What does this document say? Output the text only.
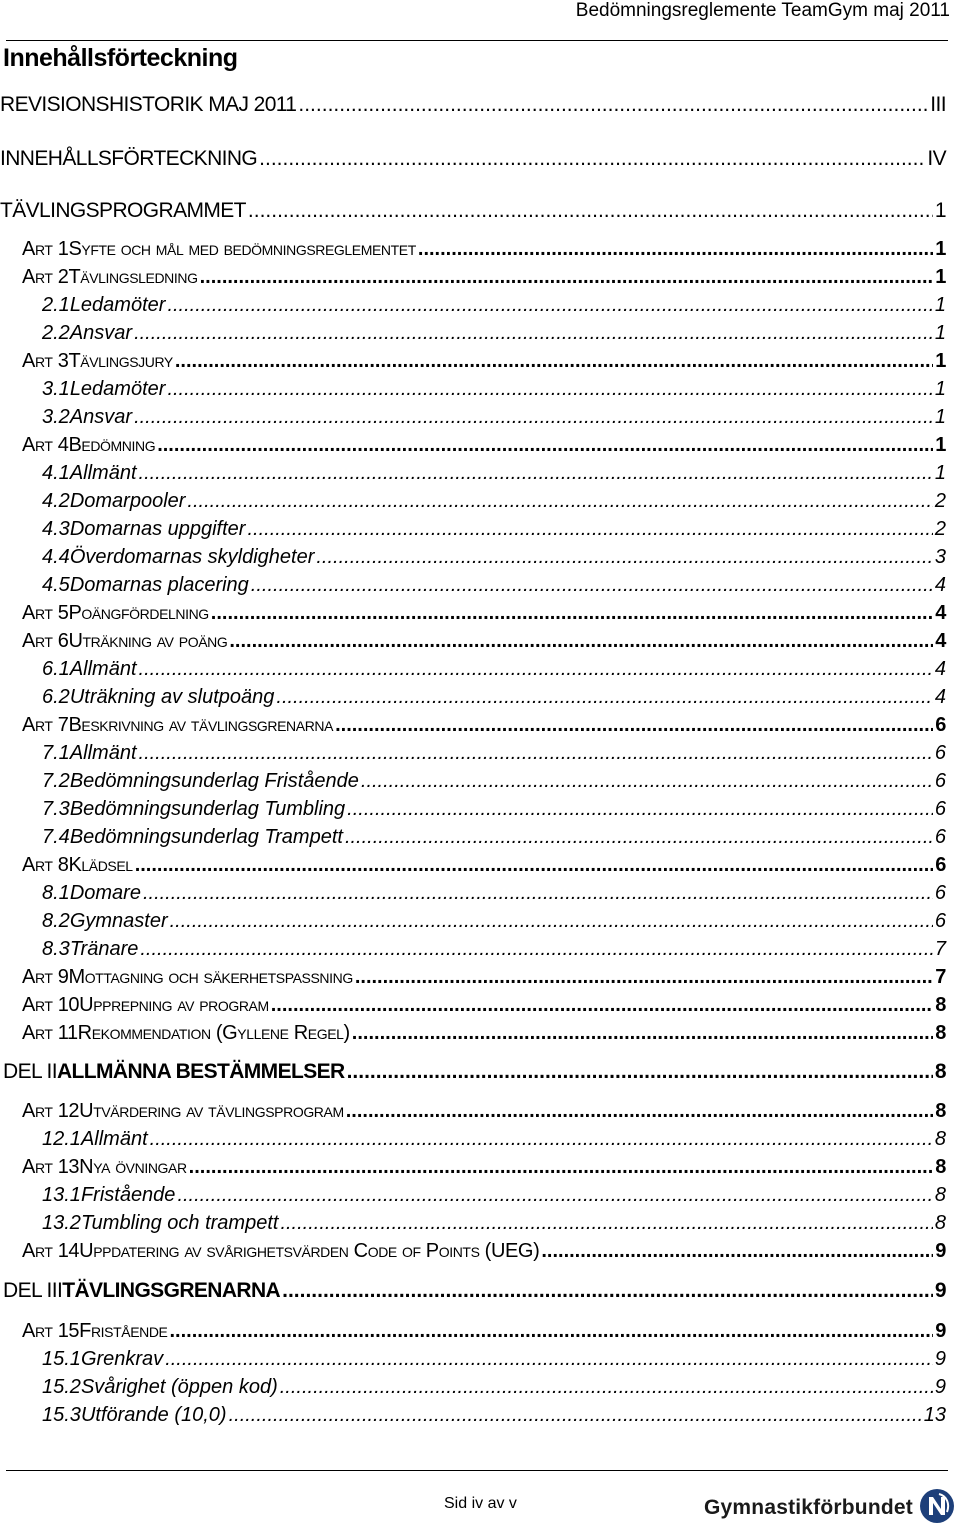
Bedömningsreglemente TeamGym maj 2011
Innehållsförteckning
REVISIONSHISTORIK MAJ 2011 .....	III
INNEHÅLLSFÖRTECKNING .....	IV
TÄVLINGSPROGRAMMET .....	1
Art 1 Syfte och mål med bedömningsreglementet .....	1
Art 2 Tävlingsledning .....	1
2.1 Ledamöter .....	1
2.2 Ansvar .....	1
Art 3 Tävlingsjury .....	1
3.1 Ledamöter .....	1
3.2 Ansvar .....	1
Art 4 Bedömning .....	1
4.1 Allmänt .....	1
4.2 Domarpooler .....	2
4.3 Domarnas uppgifter .....	2
4.4 Överdomarnas skyldigheter .....	3
4.5 Domarnas placering .....	4
Art 5 Poängfördelning .....	4
Art 6 Uträkning av poäng .....	4
6.1 Allmänt .....	4
6.2 Uträkning av slutpoäng .....	4
Art 7 Beskrivning av tävlingsgrenarna .....	6
7.1 Allmänt .....	6
7.2 Bedömningsunderlag Fristående .....	6
7.3 Bedömningsunderlag Tumbling .....	6
7.4 Bedömningsunderlag Trampett .....	6
Art 8 Klädsel .....	6
8.1 Domare .....	6
8.2 Gymnaster .....	6
8.3 Tränare .....	7
Art 9 Mottagning och säkerhetspassning .....	7
Art 10 Upprepning av program .....	8
Art 11 Rekommendation (Gyllene Regel) .....	8
DEL II ALLMÄNNA BESTÄMMELSER .....	8
Art 12 Utvärdering av tävlingsprogram .....	8
12.1 Allmänt .....	8
Art 13 Nya övningar .....	8
13.1 Fristående .....	8
13.2 Tumbling och trampett .....	8
Art 14 Uppdatering av svårighetsvärden Code of Points (UEG) .....	9
DEL III TÄVLINGSGRENARNA .....	9
Art 15 Fristående .....	9
15.1 Grenkrav .....	9
15.2 Svårighet (öppen kod) .....	9
15.3 Utförande (10,0) .....	13
Sid iv av v	Gymnastikförbundet
